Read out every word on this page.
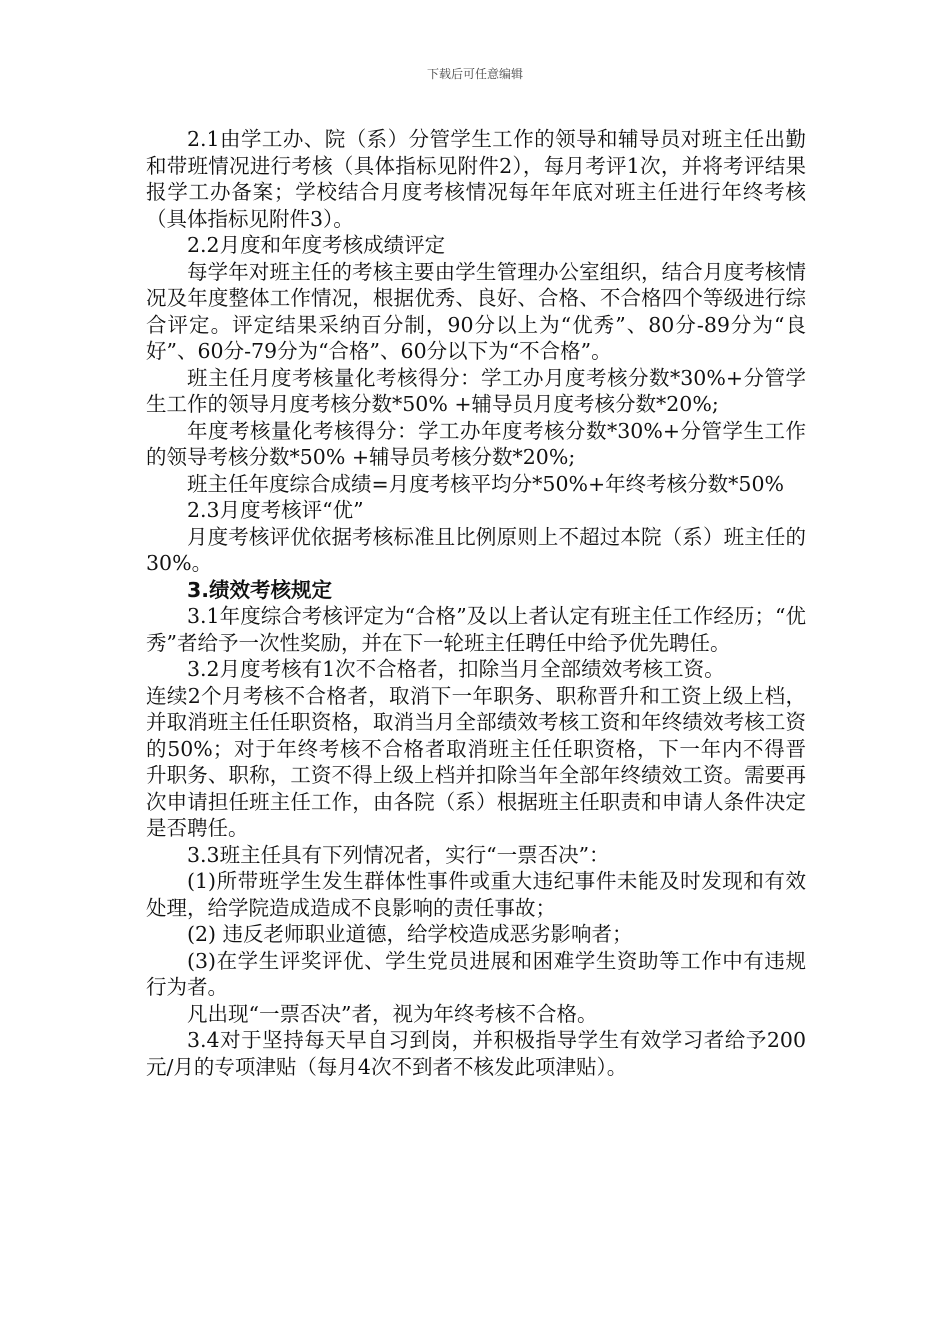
下载后可任意编辑

2.1由学工办、院（系）分管学生工作的领导和辅导员对班主任出勤和带班情况进行考核（具体指标见附件2），每月考评1次，并将考评结果报学工办备案；学校结合月度考核情况每年年底对班主任进行年终考核（具体指标见附件3）。

2.2月度和年度考核成绩评定

每学年对班主任的考核主要由学生管理办公室组织，结合月度考核情况及年度整体工作情况，根据优秀、良好、合格、不合格四个等级进行综合评定。评定结果采纳百分制，90分以上为“优秀”、80分-89分为“良好”、60分-79分为“合格”、60分以下为“不合格”。

班主任月度考核量化考核得分：学工办月度考核分数*30%+分管学生工作的领导月度考核分数*50% +辅导员月度考核分数*20%;

年度考核量化考核得分：学工办年度考核分数*30%+分管学生工作的领导考核分数*50% +辅导员考核分数*20%;

班主任年度综合成绩=月度考核平均分*50%+年终考核分数*50%

2.3月度考核评“优”

月度考核评优依据考核标准且比例原则上不超过本院（系）班主任的30%。

3.绩效考核规定

3.1年度综合考核评定为“合格”及以上者认定有班主任工作经历；“优秀”者给予一次性奖励，并在下一轮班主任聘任中给予优先聘任。

3.2月度考核有1次不合格者，扣除当月全部绩效考核工资。

连续2个月考核不合格者，取消下一年职务、职称晋升和工资上级上档，并取消班主任任职资格，取消当月全部绩效考核工资和年终绩效考核工资的50%；对于年终考核不合格者取消班主任任职资格，下一年内不得晋升职务、职称，工资不得上级上档并扣除当年全部年终绩效工资。需要再次申请担任班主任工作，由各院（系）根据班主任职责和申请人条件决定是否聘任。

3.3班主任具有下列情况者，实行“一票否决”：

(1)所带班学生发生群体性事件或重大违纪事件未能及时发现和有效处理，给学院造成造成不良影响的责任事故；

(2) 违反老师职业道德，给学校造成恶劣影响者；

(3)在学生评奖评优、学生党员进展和困难学生资助等工作中有违规行为者。

凡出现“一票否决”者，视为年终考核不合格。

3.4对于坚持每天早自习到岗，并积极指导学生有效学习者给予200元/月的专项津贴（每月4次不到者不核发此项津贴）。
